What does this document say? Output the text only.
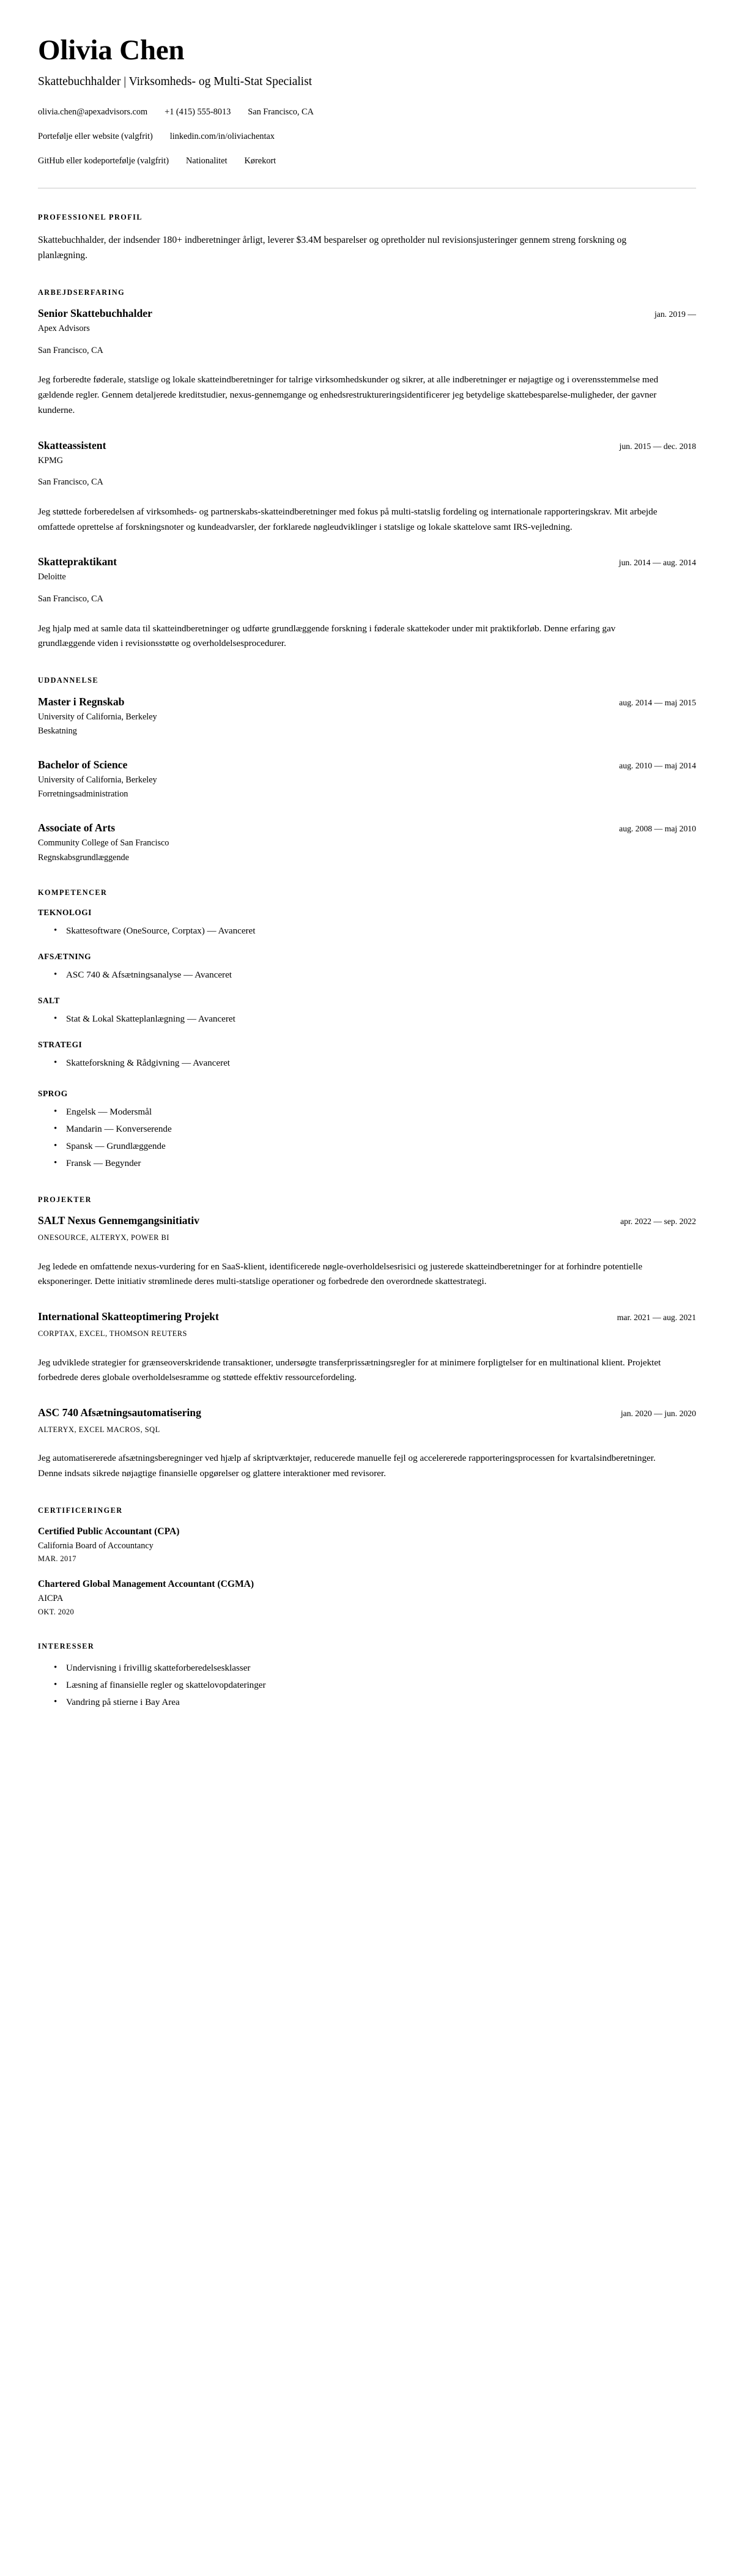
Olivia Chen
Skattebuchhalder | Virksomheds- og Multi-Stat Specialist
olivia.chen@apexadvisors.com +1 (415) 555-8013 San Francisco, CA
Portefølje eller website (valgfrit) linkedin.com/in/oliviachentax
GitHub eller kodeportefølje (valgfrit) Nationalitet Kørekort
PROFESSIONEL PROFIL

Skattebuchhalder, der indsender 180+ indberetninger årligt, leverer $3.4M besparelser og opretholder nul revisionsjusteringer gennem streng forskning og planlægning.

ARBEJDSERFARING
Senior Skattebuchhalder	jan. 2019 —
Apex Advisors
San Francisco, CA

Jeg forberedte føderale, statslige og lokale skatteindberetninger for talrige virksomhedskunder og sikrer, at alle indberetninger er nøjagtige og i overensstemmelse med gældende regler. Gennem detaljerede kreditstudier, nexus-gennemgange og enhedsrestruktureringsidentificerer jeg betydelige skattebesparelse-muligheder, der gavner kunderne.

Skatteassistent	jun. 2015 — dec. 2018
KPMG
San Francisco, CA

Jeg støttede forberedelsen af virksomheds- og partnerskabs-skatteindberetninger med fokus på multi-statslig fordeling og internationale rapporteringskrav. Mit arbejde omfattede oprettelse af forskningsnoter og kundeadvarsler, der forklarede nøgleudviklinger i statslige og lokale skattelove samt IRS-vejledning.

Skattepraktikant	jun. 2014 — aug. 2014
Deloitte
San Francisco, CA

Jeg hjalp med at samle data til skatteindberetninger og udførte grundlæggende forskning i føderale skattekoder under mit praktikforløb. Denne erfaring gav grundlæggende viden i revisionsstøtte og overholdelsesprocedurer.

UDDANNELSE
Master i Regnskab	aug. 2014 — maj 2015
University of California, Berkeley
Beskatning
Bachelor of Science	aug. 2010 — maj 2014
University of California, Berkeley
Forretningsadministration
Associate of Arts	aug. 2008 — maj 2010
Community College of San Francisco
Regnskabsgrundlæggende
KOMPETENCER
TEKNOLOGI
• Skattesoftware (OneSource, Corptax) — Avanceret
AFSÆTNING
• ASC 740 & Afsætningsanalyse — Avanceret
SALT
• Stat & Lokal Skatteplanlægning — Avanceret
STRATEGI
• Skatteforskning & Rådgivning — Avanceret
SPROG
• Engelsk — Modersmål
• Mandarin — Konverserende
• Spansk — Grundlæggende
• Fransk — Begynder
PROJEKTER
SALT Nexus Gennemgangsinitiativ	apr. 2022 — sep. 2022
ONESOURCE, ALTERYX, POWER BI

Jeg ledede en omfattende nexus-vurdering for en SaaS-klient, identificerede nøgle-overholdelsesrisici og justerede skatteindberetninger for at forhindre potentielle eksponeringer. Dette initiativ strømlinede deres multi-statslige operationer og forbedrede den overordnede skattestrategi.

International Skatteoptimering Projekt	mar. 2021 — aug. 2021
CORPTAX, EXCEL, THOMSON REUTERS

Jeg udviklede strategier for grænseoverskridende transaktioner, undersøgte transferprissætningsregler for at minimere forpligtelser for en multinational klient. Projektet forbedrede deres globale overholdelsesramme og støttede effektiv ressourcefordeling.

ASC 740 Afsætningsautomatisering	jan. 2020 — jun. 2020
ALTERYX, EXCEL MACROS, SQL

Jeg automatisererede afsætningsberegninger ved hjælp af skriptværktøjer, reducerede manuelle fejl og accelererede rapporteringsprocessen for kvartalsindberetninger. Denne indsats sikrede nøjagtige finansielle opgørelser og glattere interaktioner med revisorer.

CERTIFICERINGER
Certified Public Accountant (CPA)
California Board of Accountancy
MAR. 2017
Chartered Global Management Accountant (CGMA)
AICPA
OKT. 2020
INTERESSER
• Undervisning i frivillig skatteforberedelsesklasser
• Læsning af finansielle regler og skattelovopdateringer
• Vandring på stierne i Bay Area
